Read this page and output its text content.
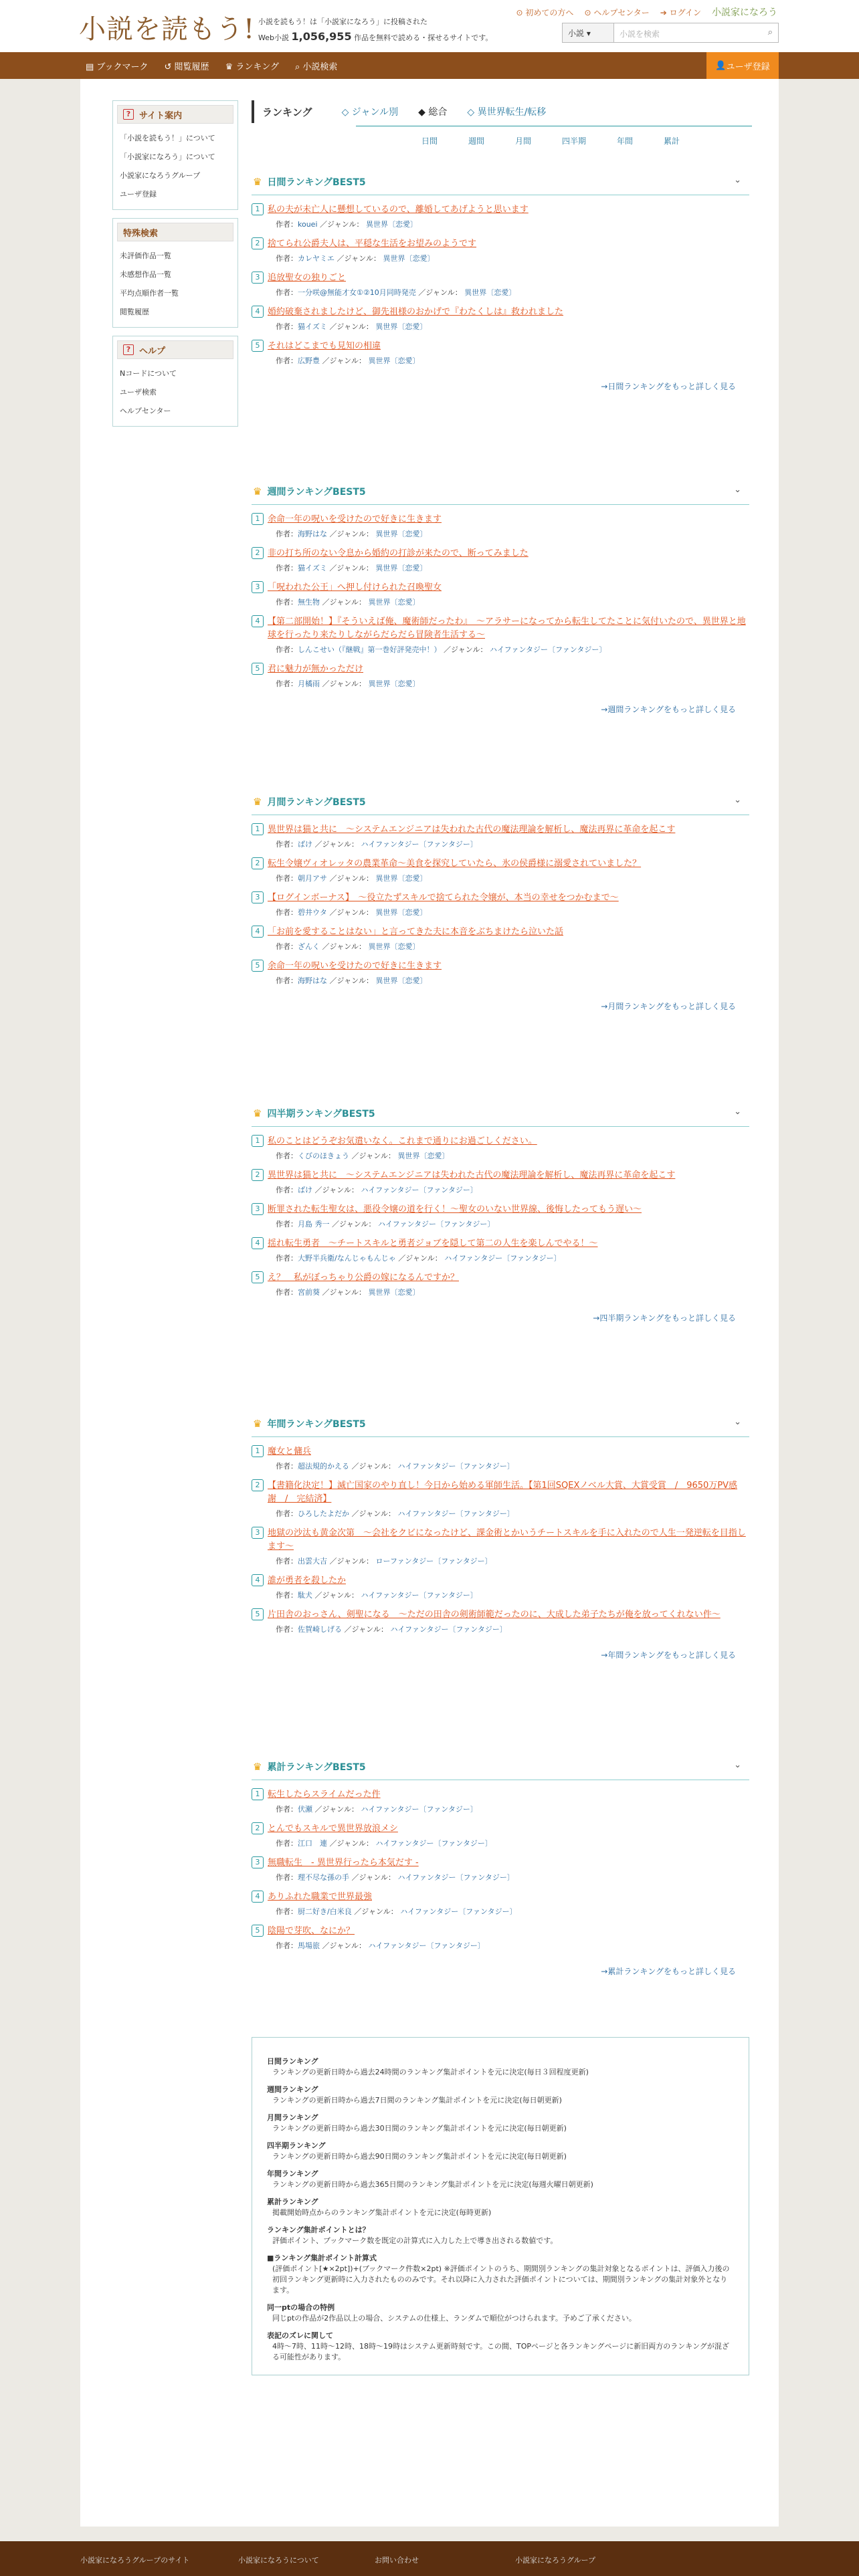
小説を読もう! 小説を読もう！は「小説家になろう」に投稿された
Web小説 1,056,955 作品を無料で読める・探せるサイトです。
⊙ 初めての方へ ⊙ ヘルプセンター ➔ ログイン 小説家になろう
小説 ▾	小説を検索	⌕
▤ ブックマーク ↺ 閲覧履歴 ♛ ランキング ⌕ 小説検索	👤 ユーザ登録
? サイト案内
「小説を読もう！」について
「小説家になろう」について
小説家になろうグループ
ユーザ登録
特殊検索
未評価作品一覧
未感想作品一覧
平均点順作者一覧
閲覧履歴
? ヘルプ
Nコードについて
ユーザ検索
ヘルプセンター
ランキング	◇ ジャンル別 ◆ 総合 ◇ 異世界転生/転移
日間	週間	月間	四半期	年間	累計
♛ 日間ランキングBEST5	⌄
1 私の夫が未亡人に懸想しているので、離婚してあげようと思います
作者：kouei ／ジャンル： 異世界〔恋愛〕
2 捨てられ公爵夫人は、平穏な生活をお望みのようです
作者：カレヤミエ ／ジャンル： 異世界〔恋愛〕
3 追放聖女の独りごと
作者：一分咲@無能才女①②10月同時発売 ／ジャンル： 異世界〔恋愛〕
4 婚約破棄されましたけど、御先祖様のおかげで『わたくしは』救われました
作者：猫イズミ ／ジャンル： 異世界〔恋愛〕
5 それはどこまでも見知の相違
作者：広野豊 ／ジャンル： 異世界〔恋愛〕
→日間ランキングをもっと詳しく見る
♛ 週間ランキングBEST5	⌄
1 余命一年の呪いを受けたので好きに生きます
作者：海野はな ／ジャンル： 異世界〔恋愛〕
2 非の打ち所のない令息から婚約の打診が来たので、断ってみました
作者：猫イズミ ／ジャンル： 異世界〔恋愛〕
3 「呪われた公王」へ押し付けられた召喚聖女
作者：無生物 ／ジャンル： 異世界〔恋愛〕
4 【第二部開始！】『そういえば俺、魔術師だったわ』　～アラサーになってから転生してたことに気付いたので、異世界と地球を行ったり来たりしながらだらだら冒険者生活する～
作者：しんこせい（『継戦』第一巻好評発売中！） ／ジャンル： ハイファンタジー〔ファンタジー〕
5 君に魅力が無かっただけ
作者：月橘雨 ／ジャンル： 異世界〔恋愛〕
→週間ランキングをもっと詳しく見る
♛ 月間ランキングBEST5	⌄
1 異世界は猫と共に　～システムエンジニアは失われた古代の魔法理論を解析し、魔法再界に革命を起こす
作者：ばけ ／ジャンル： ハイファンタジー〔ファンタジー〕
2 転生令嬢ヴィオレッタの農業革命～美食を探究していたら、氷の侯爵様に溺愛されていました？
作者：朝月アサ ／ジャンル： 異世界〔恋愛〕
3 【ログインボーナス】　～役立たずスキルで捨てられた令嬢が、本当の幸せをつかむまで～
作者：碧井ウタ ／ジャンル： 異世界〔恋愛〕
4 「お前を愛することはない」と言ってきた夫に本音をぶちまけたら泣いた話
作者：ざんく ／ジャンル： 異世界〔恋愛〕
5 余命一年の呪いを受けたので好きに生きます
作者：海野はな ／ジャンル： 異世界〔恋愛〕
→月間ランキングをもっと詳しく見る
♛ 四半期ランキングBEST5	⌄
1 私のことはどうぞお気遣いなく。これまで通りにお過ごしください。
作者：くびのほきょう ／ジャンル： 異世界〔恋愛〕
2 異世界は猫と共に　～システムエンジニアは失われた古代の魔法理論を解析し、魔法再界に革命を起こす
作者：ばけ ／ジャンル： ハイファンタジー〔ファンタジー〕
3 断罪された転生聖女は、悪役令嬢の道を行く！～聖女のいない世界線、後悔したってもう遅い～
作者：月島 秀一 ／ジャンル： ハイファンタジー〔ファンタジー〕
4 揺れ転生勇者　～チートスキルと勇者ジョブを隠して第二の人生を楽しんでやる！～
作者：大野半兵衛/なんじゃもんじゃ ／ジャンル： ハイファンタジー〔ファンタジー〕
5 え？　私がぼっちゃり公爵の嫁になるんですか？
作者：宮前葵 ／ジャンル： 異世界〔恋愛〕
→四半期ランキングをもっと詳しく見る
♛ 年間ランキングBEST5	⌄
1 魔女と傭兵
作者：超法規的かえる ／ジャンル： ハイファンタジー〔ファンタジー〕
2 【書籍化決定！】滅亡国家のやり直し！今日から始める軍師生活。【第1回SQEXノベル大賞、大賞受賞　/　9650万PV感謝　/　完結済】
作者：ひろしたよだか ／ジャンル： ハイファンタジー〔ファンタジー〕
3 地獄の沙汰も黄金次第　～会社をクビになったけど、課金術とかいうチートスキルを手に入れたので人生一発逆転を目指します～
作者：出雲大吉 ／ジャンル： ローファンタジー〔ファンタジー〕
4 誰が勇者を殺したか
作者：駄犬 ／ジャンル： ハイファンタジー〔ファンタジー〕
5 片田舎のおっさん、剣聖になる　～ただの田舎の剣術師範だったのに、大成した弟子たちが俺を放ってくれない件～
作者：佐賀崎しげる ／ジャンル： ハイファンタジー〔ファンタジー〕
→年間ランキングをもっと詳しく見る
♛ 累計ランキングBEST5	⌄
1 転生したらスライムだった件
作者：伏瀬 ／ジャンル： ハイファンタジー〔ファンタジー〕
2 とんでもスキルで異世界放浪メシ
作者：江口　連 ／ジャンル： ハイファンタジー〔ファンタジー〕
3 無職転生　- 異世界行ったら本気だす -
作者：理不尽な孫の手 ／ジャンル： ハイファンタジー〔ファンタジー〕
4 ありふれた職業で世界最強
作者：厨二好き/白米良 ／ジャンル： ハイファンタジー〔ファンタジー〕
5 陰陽で芽吹、なにか？
作者：馬場旅 ／ジャンル： ハイファンタジー〔ファンタジー〕
→累計ランキングをもっと詳しく見る
日間ランキング
ランキングの更新日時から過去24時間のランキング集計ポイントを元に決定(毎日３回程度更新)
週間ランキング
ランキングの更新日時から過去7日間のランキング集計ポイントを元に決定(毎日朝更新)
月間ランキング
ランキングの更新日時から過去30日間のランキング集計ポイントを元に決定(毎日朝更新)
四半期ランキング
ランキングの更新日時から過去90日間のランキング集計ポイントを元に決定(毎日朝更新)
年間ランキング
ランキングの更新日時から過去365日間のランキング集計ポイントを元に決定(毎週火曜日朝更新)
累計ランキング
掲載開始時点からのランキング集計ポイントを元に決定(毎時更新)
ランキング集計ポイントとは？
評価ポイント、ブックマーク数を既定の計算式に入力した上で導き出される数値です。
■ランキング集計ポイント計算式
(評価ポイント[★×2pt])+(ブックマーク件数×2pt) ※評価ポイントのうち、期間別ランキングの集計対象となるポイントは、評価入力後の初回ランキング更新時に入力されたもののみです。それ以降に入力された評価ポイントについては、期間別ランキングの集計対象外となります。
同一ptの場合の特例
同じptの作品が2作品以上の場合、システムの仕様上、ランダムで順位がつけられます。予めご了承ください。
表記のズレに関して
4時〜7時、11時〜12時、18時〜19時はシステム更新時刻です。この間、TOPページと各ランキングページに新旧両方のランキングが混ざる可能性があります。
小説家になろうグループのサイト	小説家になろうについて	お問い合わせ	小説家になろうグループ
